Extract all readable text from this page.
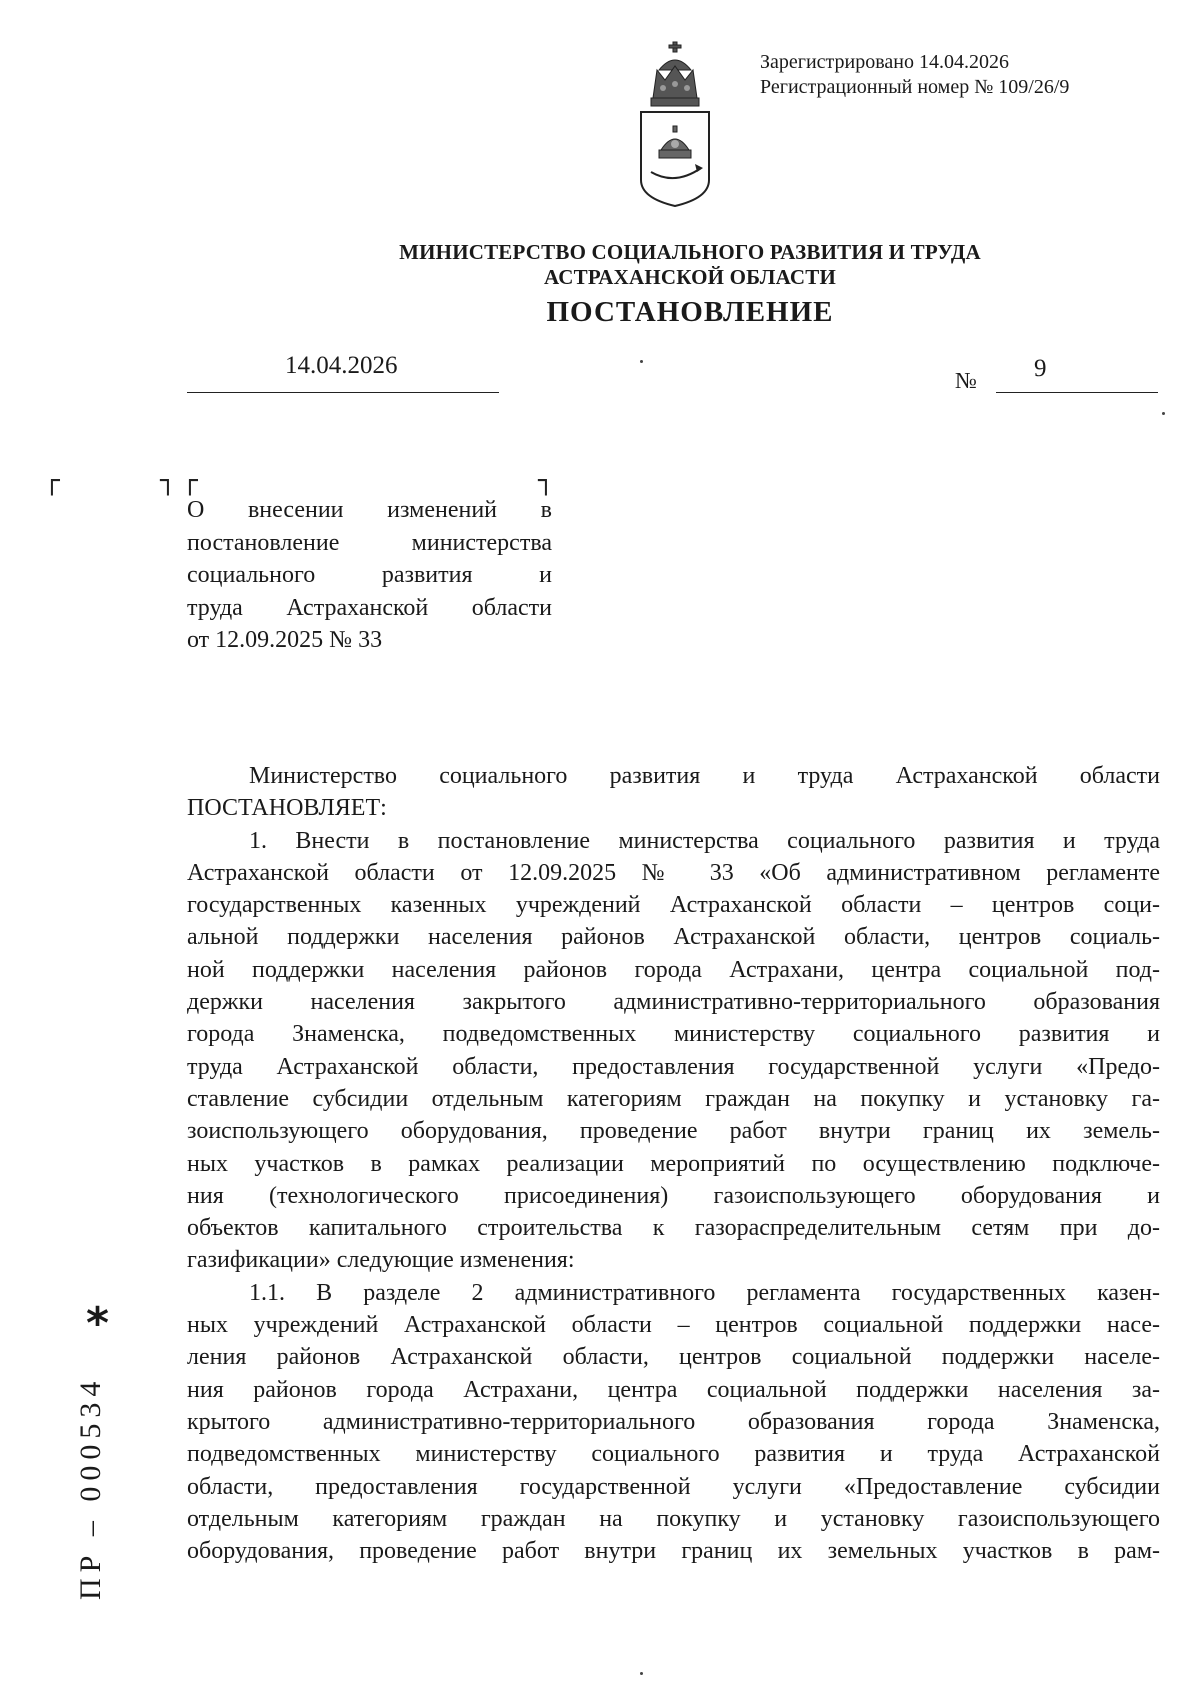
Зарегистрировано 14.04.2026
Регистрационный номер № 109/26/9
МИНИСТЕРСТВО СОЦИАЛЬНОГО РАЗВИТИЯ И ТРУДА
АСТРАХАНСКОЙ ОБЛАСТИ
ПОСТАНОВЛЕНИЕ
14.04.2026
№ 9
┌	┐ ┌	┐
О внесении изменений в
постановление министерства
социального развития и
труда Астраханской области
от 12.09.2025 № 33
Министерство социального развития и труда Астраханской области
ПОСТАНОВЛЯЕТ:
1. Внести в постановление министерства социального развития и труда
Астраханской области от 12.09.2025 № 33 «Об административном регламенте
государственных казенных учреждений Астраханской области – центров соци-
альной поддержки населения районов Астраханской области, центров социаль-
ной поддержки населения районов города Астрахани, центра социальной под-
держки населения закрытого административно-территориального образования
города Знаменска, подведомственных министерству социального развития и
труда Астраханской области, предоставления государственной услуги «Предо-
ставление субсидии отдельным категориям граждан на покупку и установку га-
зоиспользующего оборудования, проведение работ внутри границ их земель-
ных участков в рамках реализации мероприятий по осуществлению подключе-
ния (технологического присоединения) газоиспользующего оборудования и
объектов капитального строительства к газораспределительным сетям при до-
газификации» следующие изменения:
1.1. В разделе 2 административного регламента государственных казен-
ных учреждений Астраханской области – центров социальной поддержки насе-
ления районов Астраханской области, центров социальной поддержки населе-
ния районов города Астрахани, центра социальной поддержки населения за-
крытого административно-территориального образования города Знаменска,
подведомственных министерству социального развития и труда Астраханской
области, предоставления государственной услуги «Предоставление субсидии
отдельным категориям граждан на покупку и установку газоиспользующего
оборудования, проведение работ внутри границ их земельных участков в рам-
*
ПР – 000534
